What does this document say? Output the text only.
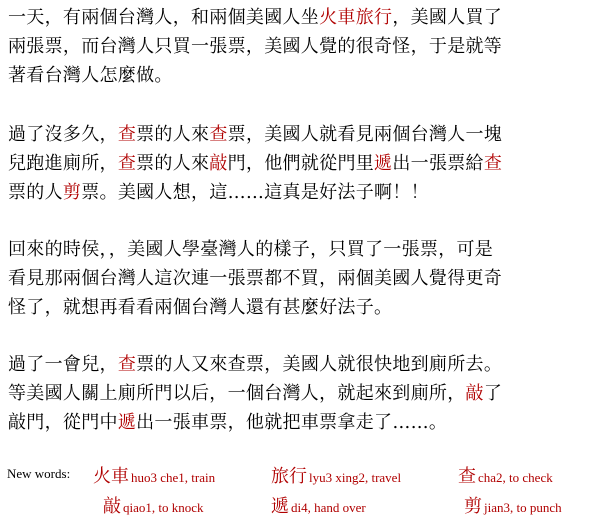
一天，有兩個台灣人，和兩個美國人坐火車旅行，美國人買了
兩張票，而台灣人只買一張票，美國人覺的很奇怪，于是就等
著看台灣人怎麼做。
過了沒多久，查票的人來查票，美國人就看見兩個台灣人一塊
兒跑進廁所，查票的人來敲門，他們就從門里遞出一張票給查
票的人剪票。美國人想，這……這真是好法子啊！！
回來的時侯，，美國人學臺灣人的樣子，只買了一張票，可是
看見那兩個台灣人這次連一張票都不買，兩個美國人覺得更奇
怪了，就想再看看兩個台灣人還有甚麼好法子。
過了一會兒，查票的人又來查票，美國人就很快地到廁所去。
等美國人關上廁所門以后，一個台灣人，就起來到廁所，敲了
敲門，從門中遞出一張車票，他就把車票拿走了……。
New words: 火車 huo3 che1, train	旅行 lyu3 xing2, travel	查 cha2, to check
敲 qiao1, to knock	遞 di4, hand over	剪 jian3, to punch
